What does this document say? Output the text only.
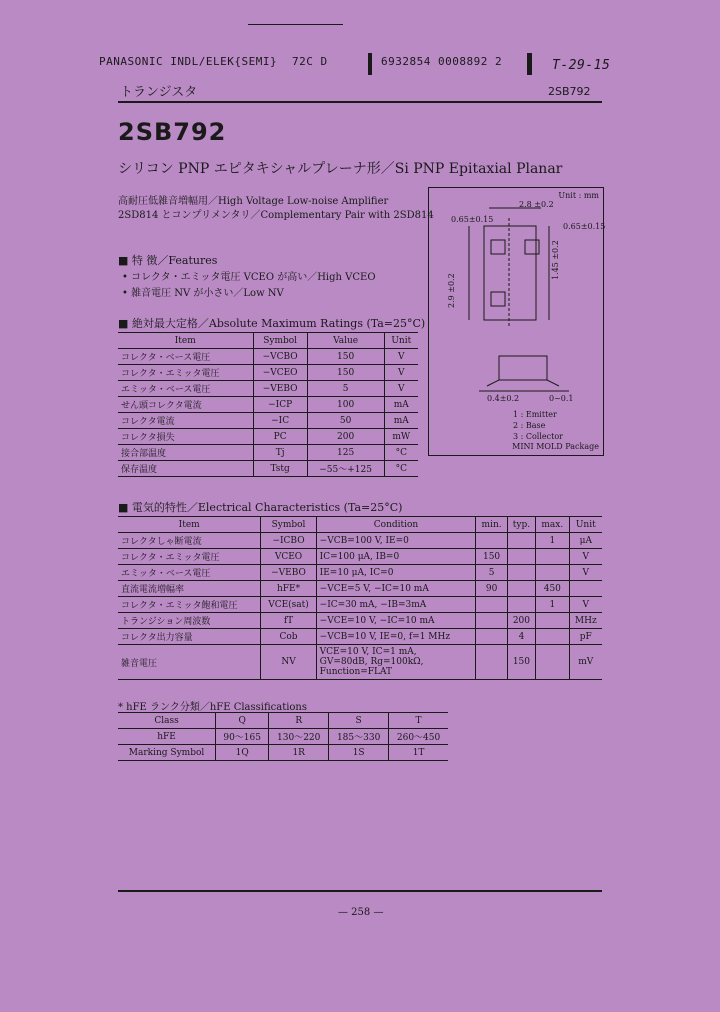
PANASONIC INDL/ELEK{SEMI} 72C D	6932854 0008892 2	T-29-15
トランジスタ	2SB792
2SB792
シリコン PNP エピタキシャルプレーナ形／Si PNP Epitaxial Planar
高耐圧低雑音増幅用／High Voltage Low-noise Amplifier
2SD814 とコンプリメンタリ／Complementary Pair with 2SD814
■ 特 徴／Features
• コレクタ・エミッタ電圧 VCEO が高い／High VCEO
• 雑音電圧 NV が小さい／Low NV
Unit : mm
2.8 ±0.2
0.65±0.15
0.65±0.15
2.9 ±0.2
1.45 ±0.2
0.4±0.2	0~0.1
1 : Emitter
2 : Base
3 : Collector
MINI MOLD Package
■ 絶対最大定格／Absolute Maximum Ratings (Ta=25°C)
Item	Symbol	Value	Unit
コレクタ・ベース電圧	−VCBO	150	V
コレクタ・エミッタ電圧	−VCEO	150	V
エミッタ・ベース電圧	−VEBO	5	V
せん頭コレクタ電流	−ICP	100	mA
コレクタ電流	−IC	50	mA
コレクタ損失	PC	200	mW
接合部温度	Tj	125	°C
保存温度	Tstg	−55〜+125	°C
■ 電気的特性／Electrical Characteristics (Ta=25°C)
Item	Symbol	Condition	min.	typ.	max.	Unit
コレクタしゃ断電流	−ICBO	−VCB=100 V, IE=0			1	μA
コレクタ・エミッタ電圧	VCEO	IC=100 μA, IB=0	150			V
エミッタ・ベース電圧	−VEBO	IE=10 μA, IC=0	5			V
直流電流増幅率	hFE*	−VCE=5 V, −IC=10 mA	90		450	
コレクタ・エミッタ飽和電圧	VCE(sat)	−IC=30 mA, −IB=3mA			1	V
トランジション周波数	fT	−VCE=10 V, −IC=10 mA		200		MHz
コレクタ出力容量	Cob	−VCB=10 V, IE=0, f=1 MHz		4		pF
雑音電圧	NV	VCE=10 V, IC=1 mA,
GV=80dB, Rg=100kΩ,
Function=FLAT		150		mV
* hFE ランク分類／hFE Classifications
Class	Q	R	S	T
hFE	90〜165	130〜220	185〜330	260〜450
Marking Symbol	1Q	1R	1S	1T
— 258 —
